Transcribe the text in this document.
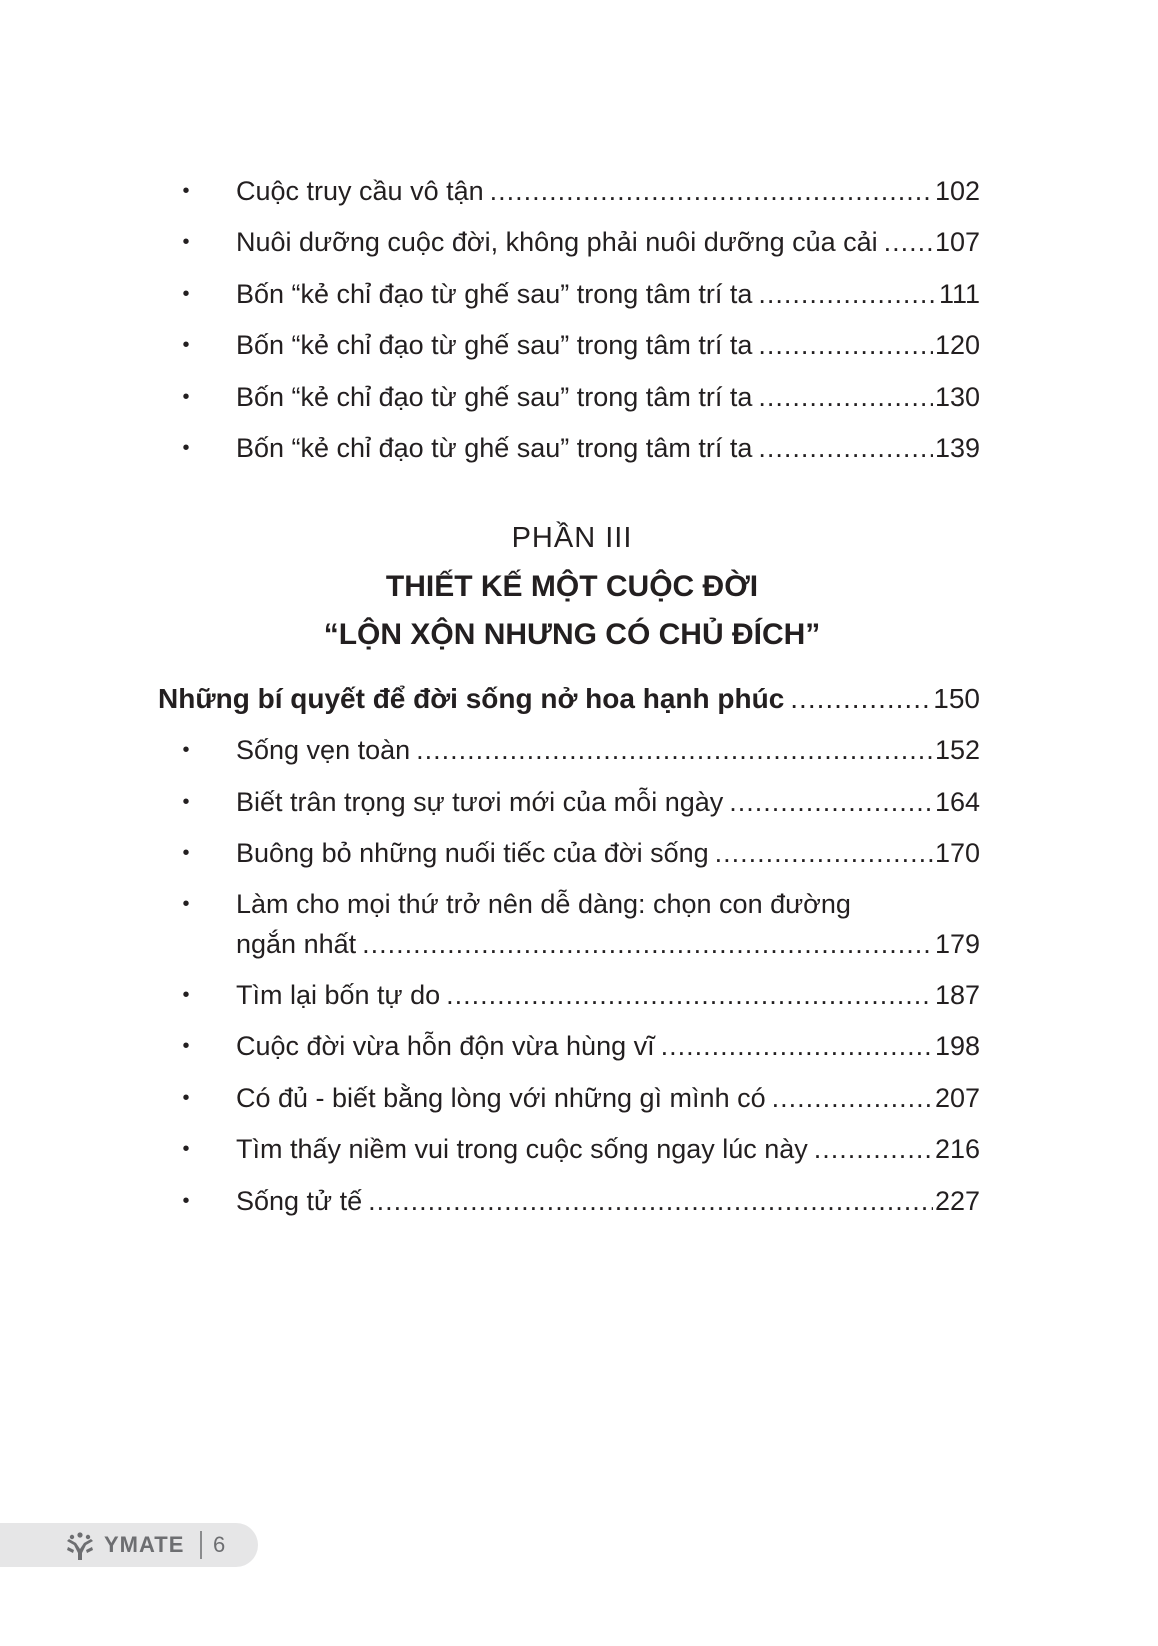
• Cuộc truy cầu vô tận .....	102
• Nuôi dưỡng cuộc đời, không phải nuôi dưỡng của cải ..... 107
• Bốn “kẻ chỉ đạo từ ghế sau” trong tâm trí ta .....	111
• Bốn “kẻ chỉ đạo từ ghế sau” trong tâm trí ta .....	120
• Bốn “kẻ chỉ đạo từ ghế sau” trong tâm trí ta .....	130
• Bốn “kẻ chỉ đạo từ ghế sau” trong tâm trí ta .....	139
PHẦN III
THIẾT KẾ MỘT CUỘC ĐỜI
“LỘN XỘN NHƯNG CÓ CHỦ ĐÍCH”
Những bí quyết để đời sống nở hoa hạnh phúc .....	150
• Sống vẹn toàn .....	152
• Biết trân trọng sự tươi mới của mỗi ngày .....	164
• Buông bỏ những nuối tiếc của đời sống .....	170
• Làm cho mọi thứ trở nên dễ dàng: chọn con đường
ngắn nhất .....	179
• Tìm lại bốn tự do .....	187
• Cuộc đời vừa hỗn độn vừa hùng vĩ .....	198
• Có đủ - biết bằng lòng với những gì mình có .....	207
• Tìm thấy niềm vui trong cuộc sống ngay lúc này .....	216
• Sống tử tế .....	227
YMATE 6
